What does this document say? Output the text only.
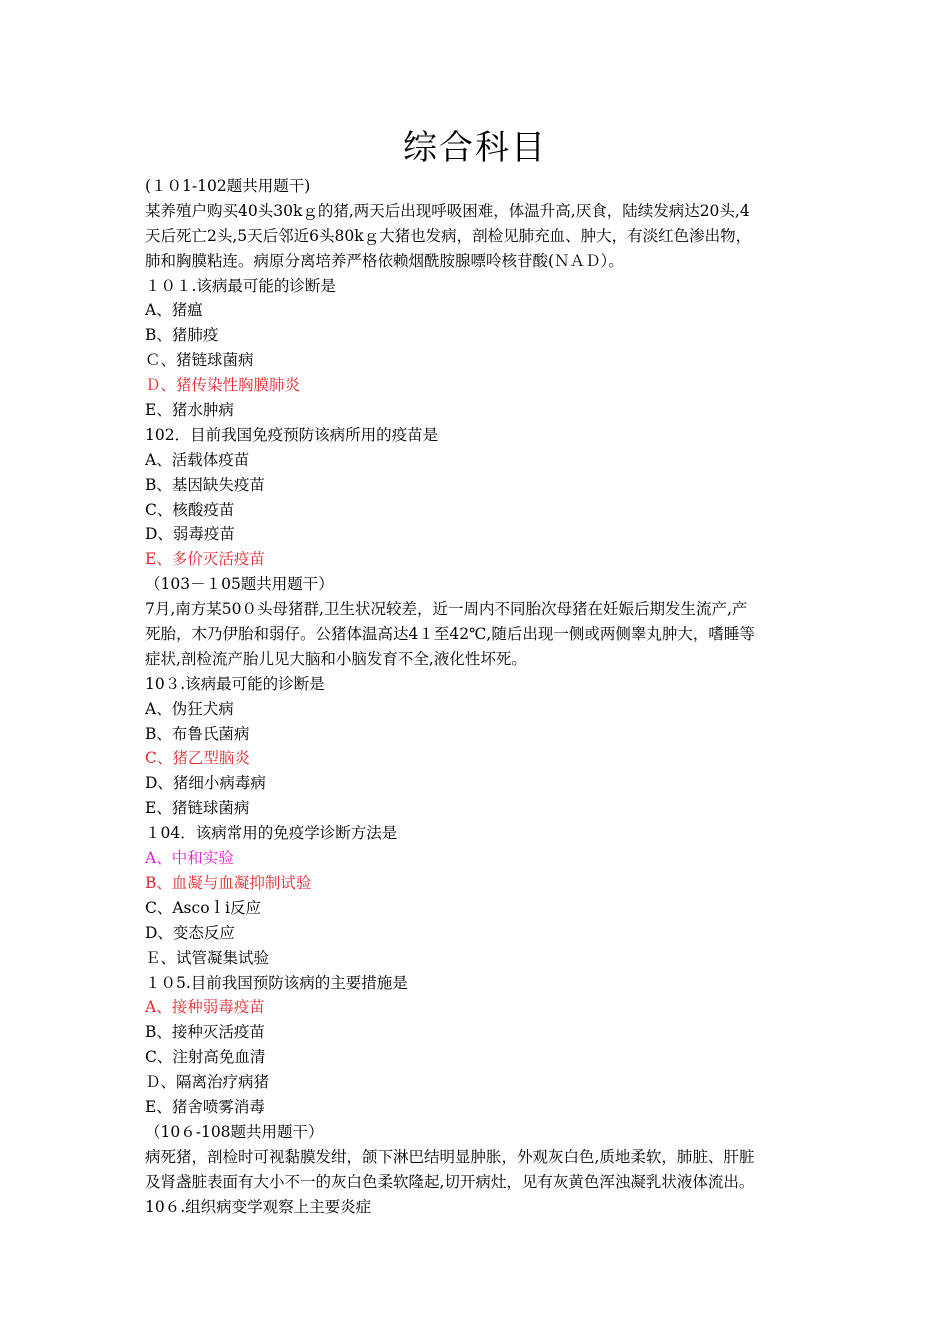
综合科目
(１０1-102题共用题干)
某养殖户购买40头30kｇ的猪,两天后出现呼吸困难，体温升高,厌食，陆续发病达20头,4
天后死亡2头,5天后邻近6头80kｇ大猪也发病，剖检见肺充血、肿大，有淡红色渗出物，
肺和胸膜粘连。病原分离培养严格依赖烟酰胺腺嘌呤核苷酸(ＮＡＤ）。
１０１.该病最可能的诊断是
A、猪瘟
B、猪肺疫
Ｃ、猪链球菌病
Ｄ、猪传染性胸膜肺炎
E、猪水肿病
102．目前我国免疫预防该病所用的疫苗是
A、活载体疫苗
B、基因缺失疫苗
C、核酸疫苗
D、弱毒疫苗
E、多价灭活疫苗
（103－１05题共用题干）
7月,南方某50０头母猪群,卫生状况较差，近一周内不同胎次母猪在妊娠后期发生流产,产
死胎，木乃伊胎和弱仔。公猪体温高达4１至42℃,随后出现一侧或两侧睾丸肿大，嗜睡等
症状,剖检流产胎儿见大脑和小脑发育不全,液化性坏死。
10３.该病最可能的诊断是
A、伪狂犬病
B、布鲁氏菌病
C、猪乙型脑炎
D、猪细小病毒病
E、猪链球菌病
１04．该病常用的免疫学诊断方法是
A、中和实验
B、血凝与血凝抑制试验
C、Ascoｌi反应
D、变态反应
Ｅ、试管凝集试验
１０5.目前我国预防该病的主要措施是
A、接种弱毒疫苗
B、接种灭活疫苗
C、注射高免血清
Ｄ、隔离治疗病猪
E、猪舍喷雾消毒
（10６-108题共用题干）
病死猪，剖检时可视黏膜发绀，颌下淋巴结明显肿胀，外观灰白色,质地柔软，肺脏、肝脏
及肾盏脏表面有大小不一的灰白色柔软隆起,切开病灶，见有灰黄色浑浊凝乳状液体流出。
10６.组织病变学观察上主要炎症
